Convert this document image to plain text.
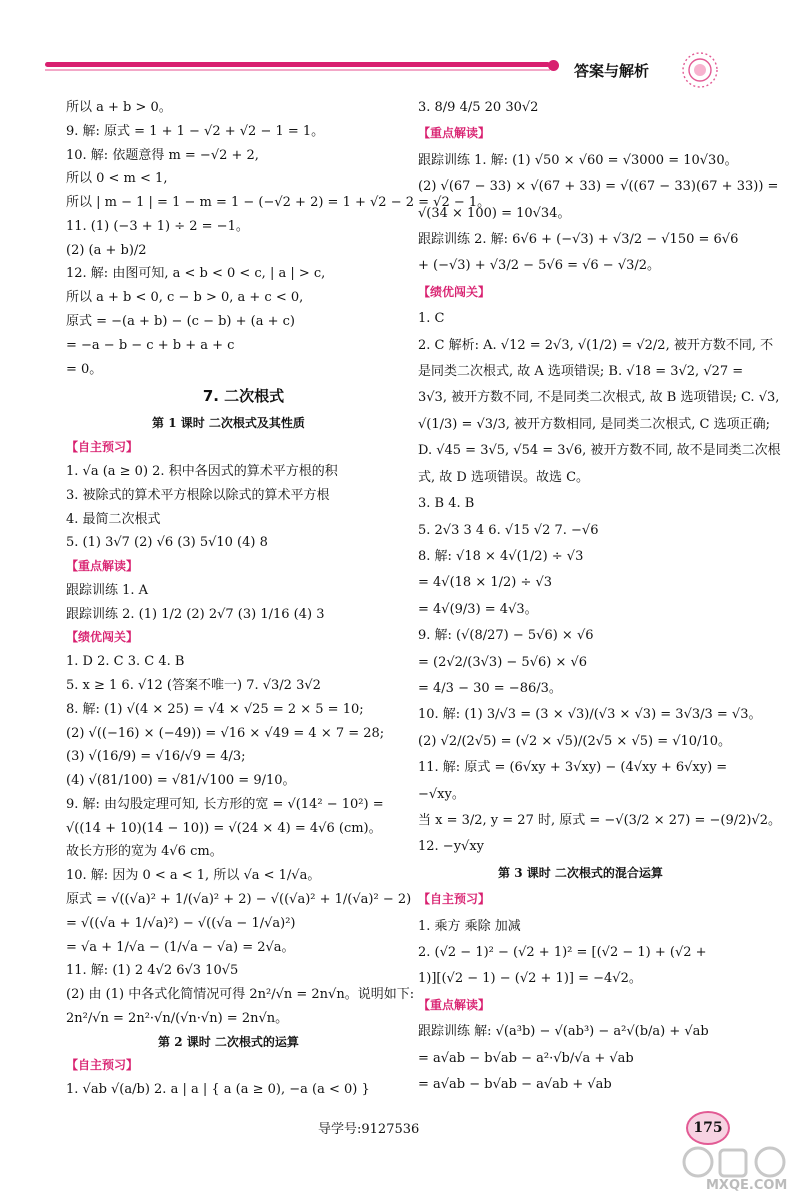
答案与解析
所以 a + b > 0。
9. 解: 原式 = 1 + 1 − √2 + √2 − 1 = 1。
10. 解: 依题意得 m = −√2 + 2,
所以 0 < m < 1,
所以 | m − 1 | = 1 − m = 1 − (−√2 + 2) = 1 + √2 − 2 = √2 − 1。
11. (1) (−3 + 1) ÷ 2 = −1。
(2) (a + b)/2
12. 解: 由图可知, a < b < 0 < c, | a | > c,
所以 a + b < 0, c − b > 0, a + c < 0,
原式 = −(a + b) − (c − b) + (a + c)
= −a − b − c + b + a + c
= 0。
7. 二次根式
第 1 课时 二次根式及其性质
【自主预习】
1. √a (a ≥ 0) 2. 积中各因式的算术平方根的积
3. 被除式的算术平方根除以除式的算术平方根
4. 最简二次根式
5. (1) 3√7 (2) √6 (3) 5√10 (4) 8
【重点解读】
跟踪训练 1. A
跟踪训练 2. (1) 1/2 (2) 2√7 (3) 1/16 (4) 3
【绩优闯关】
1. D 2. C 3. C 4. B
5. x ≥ 1 6. √12 (答案不唯一) 7. √3/2 3√2
8. 解: (1) √(4 × 25) = √4 × √25 = 2 × 5 = 10;
(2) √((−16) × (−49)) = √16 × √49 = 4 × 7 = 28;
(3) √(16/9) = √16/√9 = 4/3;
(4) √(81/100) = √81/√100 = 9/10。
9. 解: 由勾股定理可知, 长方形的宽 = √(14² − 10²) =
√((14 + 10)(14 − 10)) = √(24 × 4) = 4√6 (cm)。
故长方形的宽为 4√6 cm。
10. 解: 因为 0 < a < 1, 所以 √a < 1/√a。
原式 = √((√a)² + 1/(√a)² + 2) − √((√a)² + 1/(√a)² − 2)
= √((√a + 1/√a)²) − √((√a − 1/√a)²)
= √a + 1/√a − (1/√a − √a) = 2√a。
11. 解: (1) 2 4√2 6√3 10√5
(2) 由 (1) 中各式化简情况可得 2n²/√n = 2n√n。说明如下:
2n²/√n = 2n²·√n/(√n·√n) = 2n√n。
第 2 课时 二次根式的运算
【自主预习】
1. √ab √(a/b) 2. a | a | { a (a ≥ 0), −a (a < 0) }
3. 8/9 4/5 20 30√2
【重点解读】
跟踪训练 1. 解: (1) √50 × √60 = √3000 = 10√30。
(2) √(67 − 33) × √(67 + 33) = √((67 − 33)(67 + 33)) =
√(34 × 100) = 10√34。
跟踪训练 2. 解: 6√6 + (−√3) + √3/2 − √150 = 6√6
+ (−√3) + √3/2 − 5√6 = √6 − √3/2。
【绩优闯关】
1. C
2. C 解析: A. √12 = 2√3, √(1/2) = √2/2, 被开方数不同, 不
是同类二次根式, 故 A 选项错误; B. √18 = 3√2, √27 =
3√3, 被开方数不同, 不是同类二次根式, 故 B 选项错误; C. √3,
√(1/3) = √3/3, 被开方数相同, 是同类二次根式, C 选项正确;
D. √45 = 3√5, √54 = 3√6, 被开方数不同, 故不是同类二次根
式, 故 D 选项错误。故选 C。
3. B 4. B
5. 2√3 3 4 6. √15 √2 7. −√6
8. 解: √18 × 4√(1/2) ÷ √3
= 4√(18 × 1/2) ÷ √3
= 4√(9/3) = 4√3。
9. 解: (√(8/27) − 5√6) × √6
= (2√2/(3√3) − 5√6) × √6
= 4/3 − 30 = −86/3。
10. 解: (1) 3/√3 = (3 × √3)/(√3 × √3) = 3√3/3 = √3。
(2) √2/(2√5) = (√2 × √5)/(2√5 × √5) = √10/10。
11. 解: 原式 = (6√xy + 3√xy) − (4√xy + 6√xy) =
−√xy。
当 x = 3/2, y = 27 时, 原式 = −√(3/2 × 27) = −(9/2)√2。
12. −y√xy
第 3 课时 二次根式的混合运算
【自主预习】
1. 乘方 乘除 加减
2. (√2 − 1)² − (√2 + 1)² = [(√2 − 1) + (√2 +
1)][(√2 − 1) − (√2 + 1)] = −4√2。
【重点解读】
跟踪训练 解: √(a³b) − √(ab³) − a²√(b/a) + √ab
= a√ab − b√ab − a²·√b/√a + √ab
= a√ab − b√ab − a√ab + √ab
导学号:9127536	175
MXQE.COM
